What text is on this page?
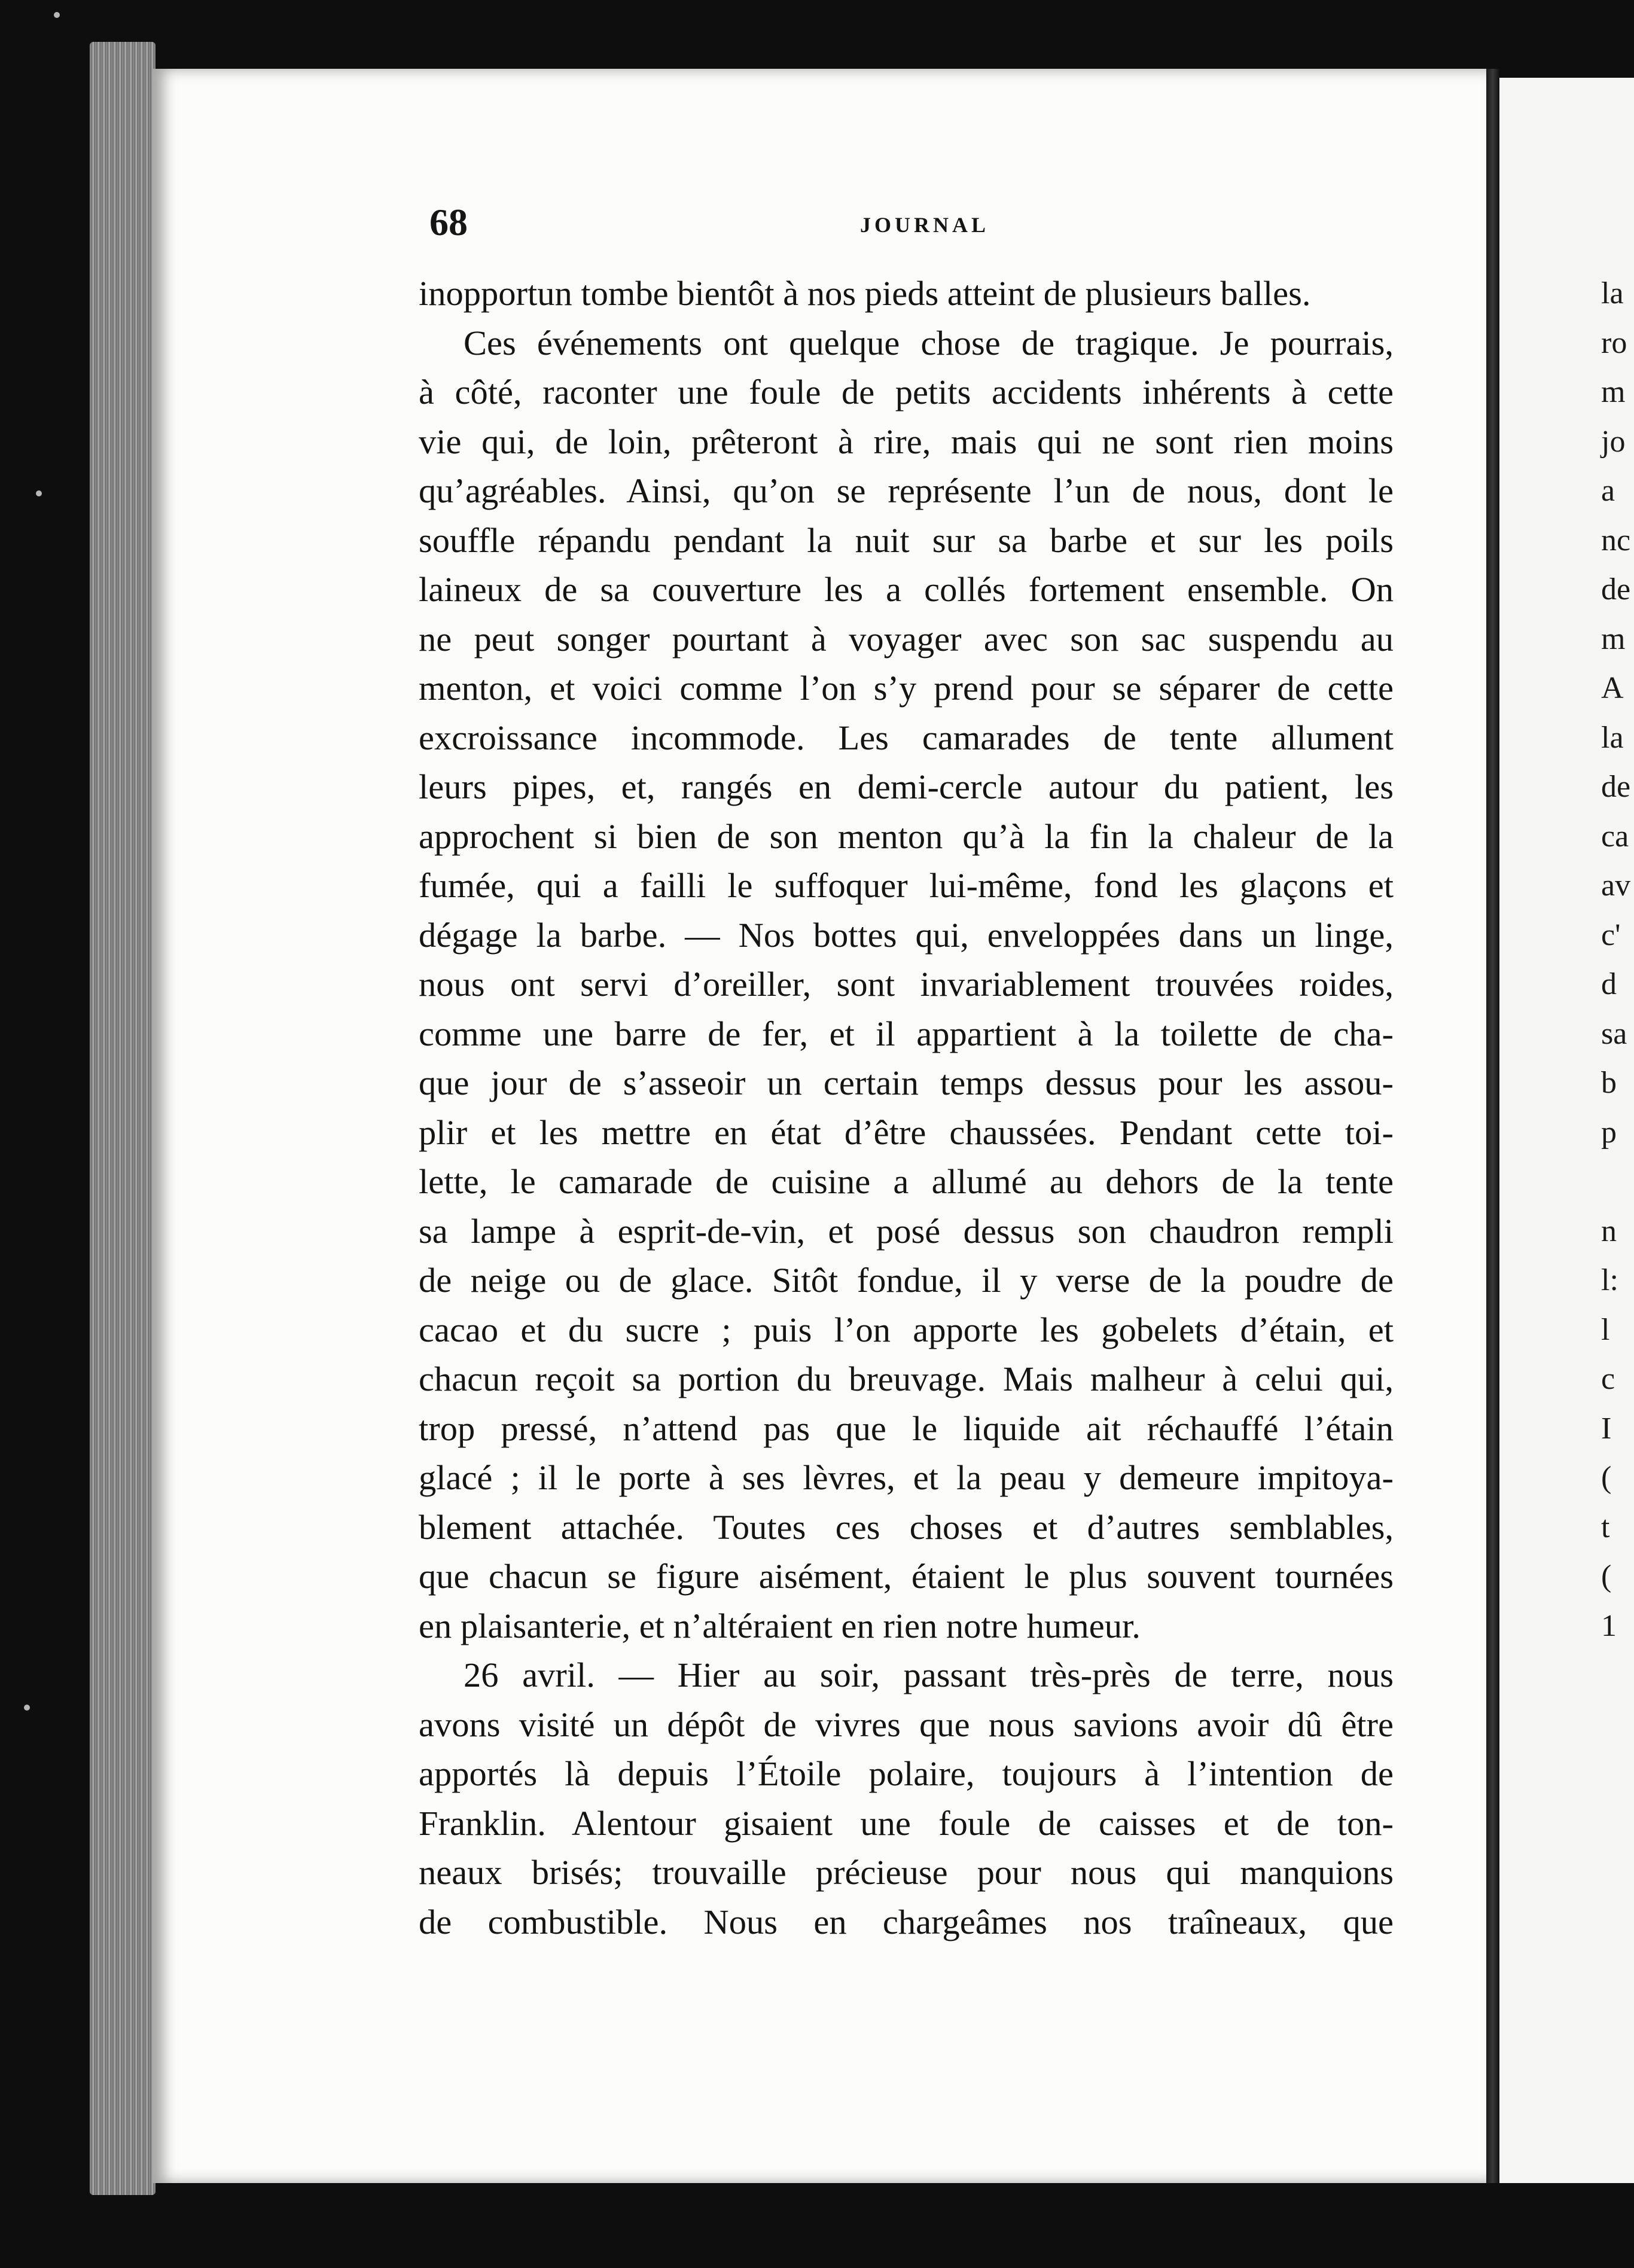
68	JOURNAL
inopportun tombe bientôt à nos pieds atteint de plusieurs balles.
Ces événements ont quelque chose de tragique. Je pourrais,
à côté, raconter une foule de petits accidents inhérents à cette
vie qui, de loin, prêteront à rire, mais qui ne sont rien moins
qu’agréables. Ainsi, qu’on se représente l’un de nous, dont le
souffle répandu pendant la nuit sur sa barbe et sur les poils
laineux de sa couverture les a collés fortement ensemble. On
ne peut songer pourtant à voyager avec son sac suspendu au
menton, et voici comme l’on s’y prend pour se séparer de cette
excroissance incommode. Les camarades de tente allument
leurs pipes, et, rangés en demi-cercle autour du patient, les
approchent si bien de son menton qu’à la fin la chaleur de la
fumée, qui a failli le suffoquer lui-même, fond les glaçons et
dégage la barbe. — Nos bottes qui, enveloppées dans un linge,
nous ont servi d’oreiller, sont invariablement trouvées roides,
comme une barre de fer, et il appartient à la toilette de cha-
que jour de s’asseoir un certain temps dessus pour les assou-
plir et les mettre en état d’être chaussées. Pendant cette toi-
lette, le camarade de cuisine a allumé au dehors de la tente
sa lampe à esprit-de-vin, et posé dessus son chaudron rempli
de neige ou de glace. Sitôt fondue, il y verse de la poudre de
cacao et du sucre ; puis l’on apporte les gobelets d’étain, et
chacun reçoit sa portion du breuvage. Mais malheur à celui qui,
trop pressé, n’attend pas que le liquide ait réchauffé l’étain
glacé ; il le porte à ses lèvres, et la peau y demeure impitoya-
blement attachée. Toutes ces choses et d’autres semblables,
que chacun se figure aisément, étaient le plus souvent tournées
en plaisanterie, et n’altéraient en rien notre humeur.
26 avril. — Hier au soir, passant très-près de terre, nous
avons visité un dépôt de vivres que nous savions avoir dû être
apportés là depuis l’Étoile polaire, toujours à l’intention de
Franklin. Alentour gisaient une foule de caisses et de ton-
neaux brisés; trouvaille précieuse pour nous qui manquions
de combustible. Nous en chargeâmes nos traîneaux, que
la
ro
m
jo
a
nc
de
m
A
la
de
ca
av
c'
d
sa
b
p
n
l:
l
c
I
(
t
(
1
